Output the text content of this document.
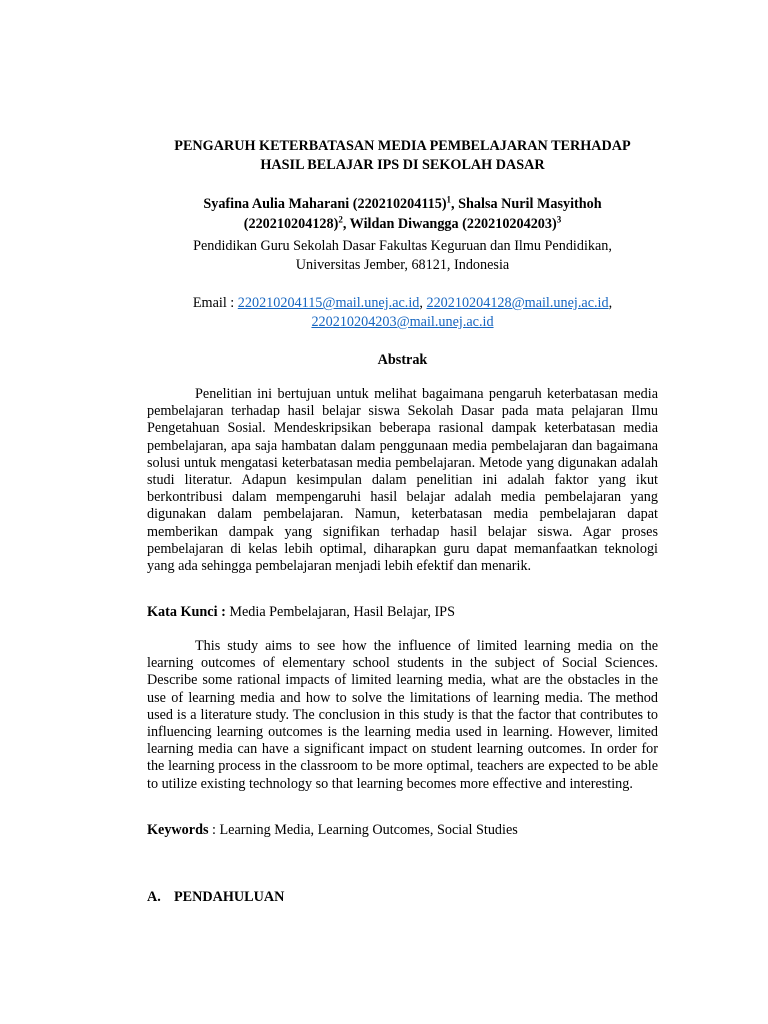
PENGARUH KETERBATASAN MEDIA PEMBELAJARAN TERHADAP
HASIL BELAJAR IPS DI SEKOLAH DASAR
Syafina Aulia Maharani $(220210204115)^1$, Shalsa Nuril Masyithoh
$(220210204128)^2$, Wildan Diwangga $(220210204203)^3$
Pendidikan Guru Sekolah Dasar Fakultas Keguruan dan Ilmu Pendidikan,
Universitas Jember, 68121, Indonesia
Email : 220210204115@mail.unej.ac.id, 220210204128@mail.unej.ac.id,
220210204203@mail.unej.ac.id
Abstrak
Penelitian ini bertujuan untuk melihat bagaimana pengaruh keterbatasan media pembelajaran terhadap hasil belajar siswa Sekolah Dasar pada mata pelajaran Ilmu Pengetahuan Sosial. Mendeskripsikan beberapa rasional dampak keterbatasan media pembelajaran, apa saja hambatan dalam penggunaan media pembelajaran dan bagaimana solusi untuk mengatasi keterbatasan media pembelajaran. Metode yang digunakan adalah studi literatur. Adapun kesimpulan dalam penelitian ini adalah faktor yang ikut berkontribusi dalam mempengaruhi hasil belajar adalah media pembelajaran yang digunakan dalam pembelajaran. Namun, keterbatasan media pembelajaran dapat memberikan dampak yang signifikan terhadap hasil belajar siswa. Agar proses pembelajaran di kelas lebih optimal, diharapkan guru dapat memanfaatkan teknologi yang ada sehingga pembelajaran menjadi lebih efektif dan menarik.
Kata Kunci : Media Pembelajaran, Hasil Belajar, IPS
This study aims to see how the influence of limited learning media on the learning outcomes of elementary school students in the subject of Social Sciences. Describe some rational impacts of limited learning media, what are the obstacles in the use of learning media and how to solve the limitations of learning media. The method used is a literature study. The conclusion in this study is that the factor that contributes to influencing learning outcomes is the learning media used in learning. However, limited learning media can have a significant impact on student learning outcomes. In order for the learning process in the classroom to be more optimal, teachers are expected to be able to utilize existing technology so that learning becomes more effective and interesting.
Keywords : Learning Media, Learning Outcomes, Social Studies
A. PENDAHULUAN
